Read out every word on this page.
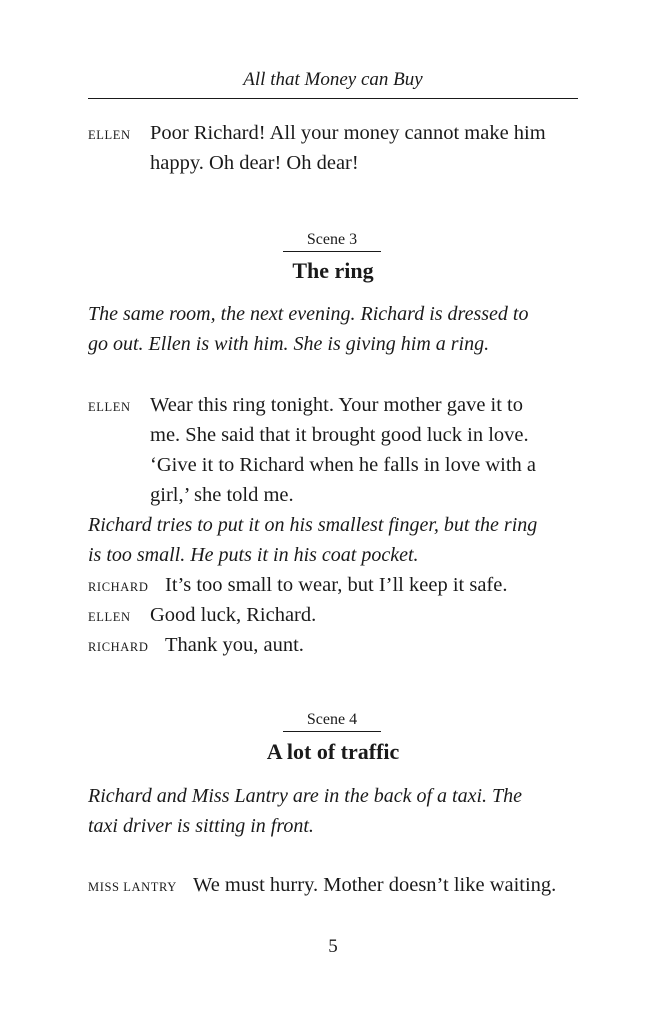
All that Money can Buy
ELLEN Poor Richard! All your money cannot make him
happy. Oh dear! Oh dear!
Scene 3
The ring
The same room, the next evening. Richard is dressed to
go out. Ellen is with him. She is giving him a ring.
ELLEN Wear this ring tonight. Your mother gave it to
me. She said that it brought good luck in love.
‘Give it to Richard when he falls in love with a
girl,’ she told me.
Richard tries to put it on his smallest finger, but the ring
is too small. He puts it in his coat pocket.
RICHARD It’s too small to wear, but I’ll keep it safe.
ELLEN Good luck, Richard.
RICHARD Thank you, aunt.
Scene 4
A lot of traffic
Richard and Miss Lantry are in the back of a taxi. The
taxi driver is sitting in front.
MISS LANTRY We must hurry. Mother doesn’t like waiting.
5
